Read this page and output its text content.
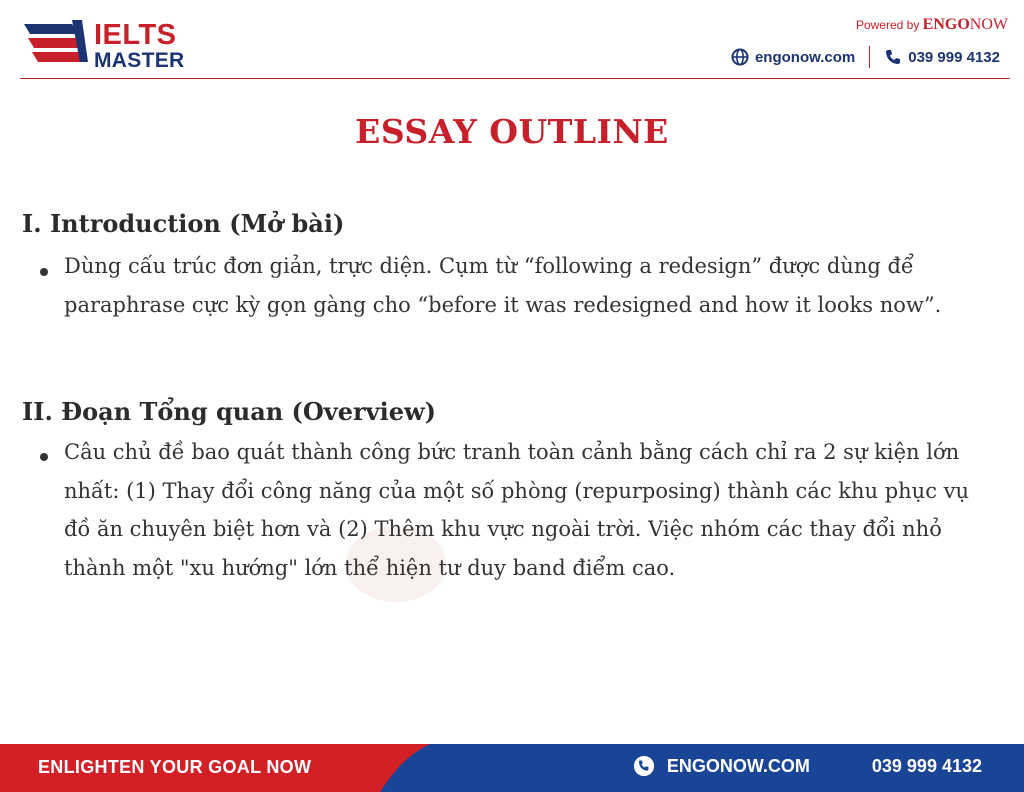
IELTS
MASTER
Powered by ENGONOW
engonow.com	039 999 4132
ESSAY OUTLINE
I. Introduction (Mở bài)
Dùng cấu trúc đơn giản, trực diện. Cụm từ “following a redesign” được dùng để paraphrase cực kỳ gọn gàng cho “before it was redesigned and how it looks now”.
II. Đoạn Tổng quan (Overview)
Câu chủ đề bao quát thành công bức tranh toàn cảnh bằng cách chỉ ra 2 sự kiện lớn nhất: (1) Thay đổi công năng của một số phòng (repurposing) thành các khu phục vụ đồ ăn chuyên biệt hơn và (2) Thêm khu vực ngoài trời. Việc nhóm các thay đổi nhỏ thành một "xu hướng" lớn thể hiện tư duy band điểm cao.
ENLIGHTEN YOUR GOAL NOW	ENGONOW.COM	039 999 4132
